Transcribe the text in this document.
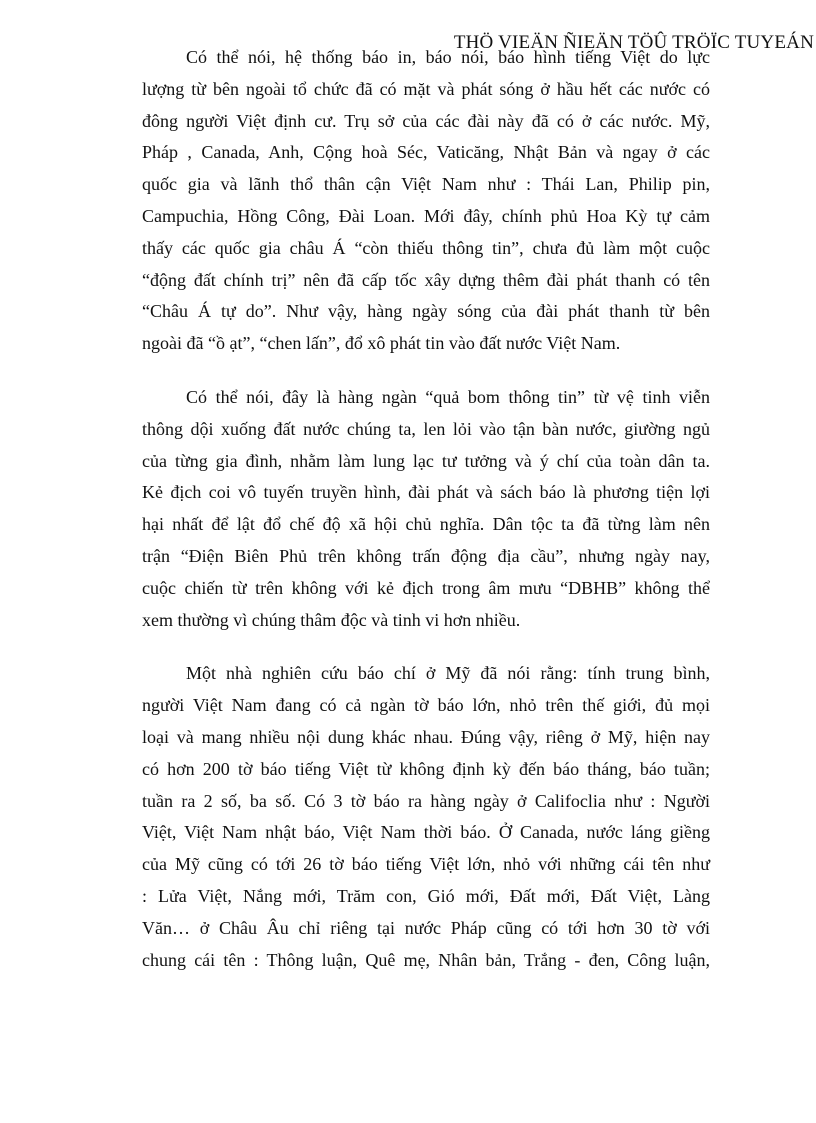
THÖ VIEÄN ÑIEÄN TÖÛ TRÖÏC TUYEÁN

Có thể nói, hệ thống báo in, báo nói, báo hình tiếng Việt do lực
lượng từ bên ngoài tổ chức đã có mặt và phát sóng ở hầu hết các nước có
đông người Việt định cư. Trụ sở của các đài này đã có ở các nước. Mỹ,
Pháp , Canada, Anh, Cộng hoà Séc, Vaticăng, Nhật Bản và ngay ở các
quốc gia và lãnh thổ thân cận Việt Nam như : Thái Lan, Philip pin,
Campuchia, Hồng Công, Đài Loan. Mới đây, chính phủ Hoa Kỳ tự cảm
thấy các quốc gia châu Á “còn thiếu thông tin”, chưa đủ làm một cuộc
“động đất chính trị” nên đã cấp tốc xây dựng thêm đài phát thanh có tên
“Châu Á tự do”. Như vậy, hàng ngày sóng của đài phát thanh từ bên
ngoài đã “ồ ạt”, “chen lấn”, đổ xô phát tin vào đất nước Việt Nam.

Có thể nói, đây là hàng ngàn “quả bom thông tin” từ vệ tinh viễn
thông dội xuống đất nước chúng ta, len lỏi vào tận bàn nước, giường ngủ
của từng gia đình, nhằm làm lung lạc tư tưởng và ý chí của toàn dân ta.
Kẻ địch coi vô tuyến truyền hình, đài phát và sách báo là phương tiện lợi
hại nhất để lật đổ chế độ xã hội chủ nghĩa. Dân tộc ta đã từng làm nên
trận “Điện Biên Phủ trên không trấn động địa cầu”, nhưng ngày nay,
cuộc chiến từ trên không với kẻ địch trong âm mưu “DBHB” không thể
xem thường vì chúng thâm độc và tinh vi hơn nhiều.

Một nhà nghiên cứu báo chí ở Mỹ đã nói rằng: tính trung bình,
người Việt Nam đang có cả ngàn tờ báo lớn, nhỏ trên thế giới, đủ mọi
loại và mang nhiều nội dung khác nhau. Đúng vậy, riêng ở Mỹ, hiện nay
có hơn 200 tờ báo tiếng Việt từ không định kỳ đến báo tháng, báo tuần;
tuần ra 2 số, ba số. Có 3 tờ báo ra hàng ngày ở Califoclia như : Người
Việt, Việt Nam nhật báo, Việt Nam thời báo. Ở Canada, nước láng giềng
của Mỹ cũng có tới 26 tờ báo tiếng Việt lớn, nhỏ với những cái tên như
: Lửa Việt, Nắng mới, Trăm con, Gió mới, Đất mới, Đất Việt, Làng
Văn… ở Châu Âu chỉ riêng tại nước Pháp cũng có tới hơn 30 tờ với
chung cái tên : Thông luận, Quê mẹ, Nhân bản, Trắng - đen, Công luận,
